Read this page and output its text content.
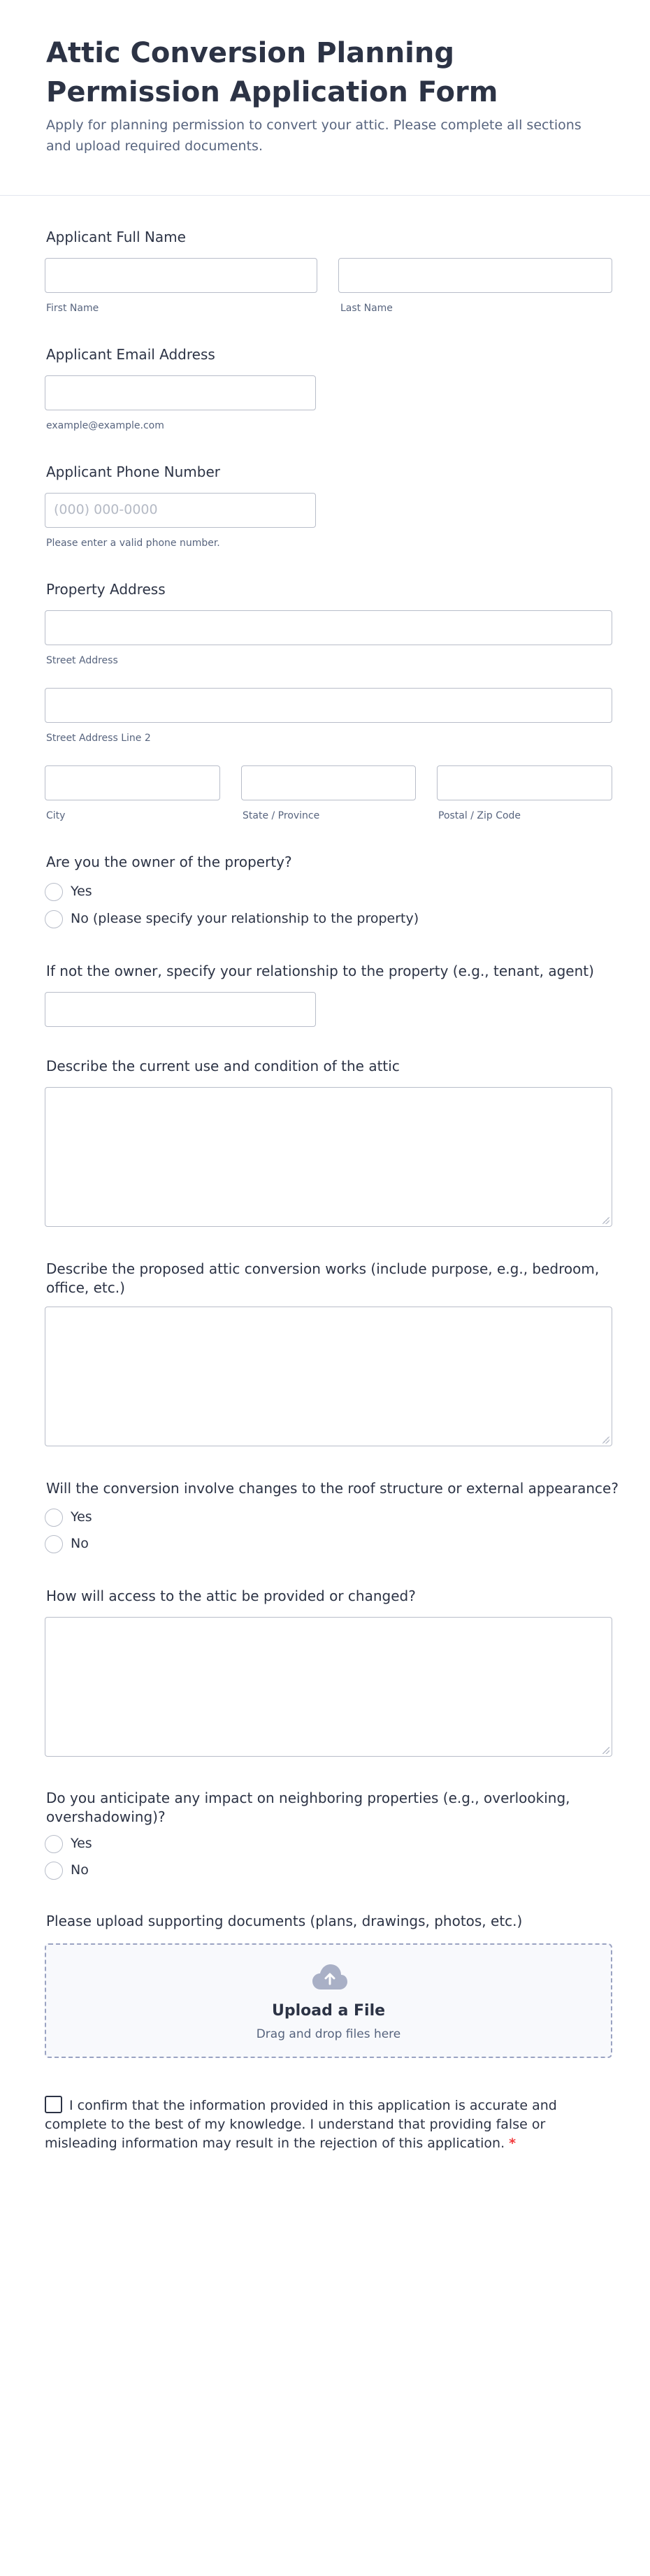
Attic Conversion Planning Permission Application Form
Apply for planning permission to convert your attic. Please complete all sections and upload required documents.
Applicant Full Name
First Name	Last Name
Applicant Email Address
example@example.com
Applicant Phone Number
(000) 000-0000
Please enter a valid phone number.
Property Address
Street Address
Street Address Line 2
City	State / Province	Postal / Zip Code
Are you the owner of the property?
Yes
No (please specify your relationship to the property)
If not the owner, specify your relationship to the property (e.g., tenant, agent)
Describe the current use and condition of the attic
Describe the proposed attic conversion works (include purpose, e.g., bedroom,
office, etc.)
Will the conversion involve changes to the roof structure or external appearance?
Yes
No
How will access to the attic be provided or changed?
Do you anticipate any impact on neighboring properties (e.g., overlooking,
overshadowing)?
Yes
No
Please upload supporting documents (plans, drawings, photos, etc.)
Upload a File
Drag and drop files here
I confirm that the information provided in this application is accurate and complete to the best of my knowledge. I understand that providing false or misleading information may result in the rejection of this application. *
